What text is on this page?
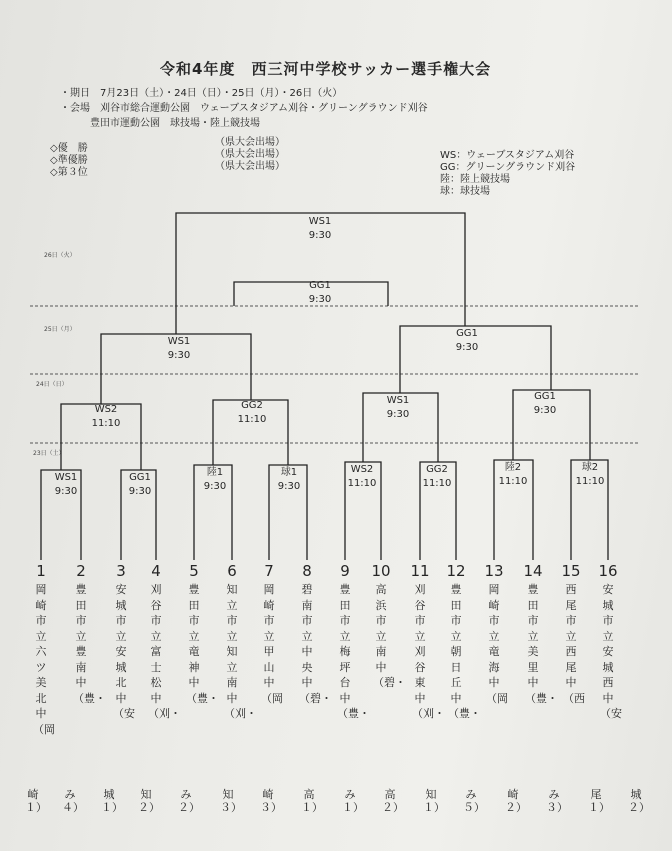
令和4年度　西三河中学校サッカー選手権大会
・期日　7月23日（土）・24日（日）・25日（月）・26日（火）
・会場　刈谷市総合運動公園　ウェーブスタジアム刈谷・グリーングラウンド刈谷
豊田市運動公園　球技場・陸上競技場
◇優　勝
◇準優勝
◇第３位
（県大会出場）
（県大会出場）
（県大会出場）
WS：ウェーブスタジアム刈谷
GG：グリーングラウンド刈谷
陸：陸上競技場
球：球技場
26日（火）
25日（月）
24日（日）
23日（土）
WS1
9:30
GG1
9:30
WS1
9:30
GG1
9:30
WS2
11:10
GG2
11:10
WS1
9:30
GG1
9:30
WS1
9:30
GG1
9:30
陸1
9:30
球1
9:30
WS2
11:10
GG2
11:10
陸2
11:10
球2
11:10
1
岡崎市立六ツ美北中（岡
崎１）
2
豊田市立豊　南中（豊・
み４）
3
安城市立安城北中（安
城１）
4
刈谷市立富士松中（刈・
知２）
5
豊田市立竜　神中（豊・
み２）
6
知立市立知立南中（刈・
知３）
7
岡崎市立甲　山中（岡
崎３）
8
碧南市立中　央中（碧・
高１）
9
豊田市立梅坪台中（豊・
み１）
10
高浜市立　　南　中（碧・
高２）
11
刈谷市立刈谷東中（刈・
知１）
12
豊田市立朝日丘中（豊・
み５）
13
岡崎市立竜　海中（岡
崎２）
14
豊田市立美　里中（豊・
み３）
15
西尾市立西　尾中（西
尾１）
16
安城市立安城西中（安
城２）
